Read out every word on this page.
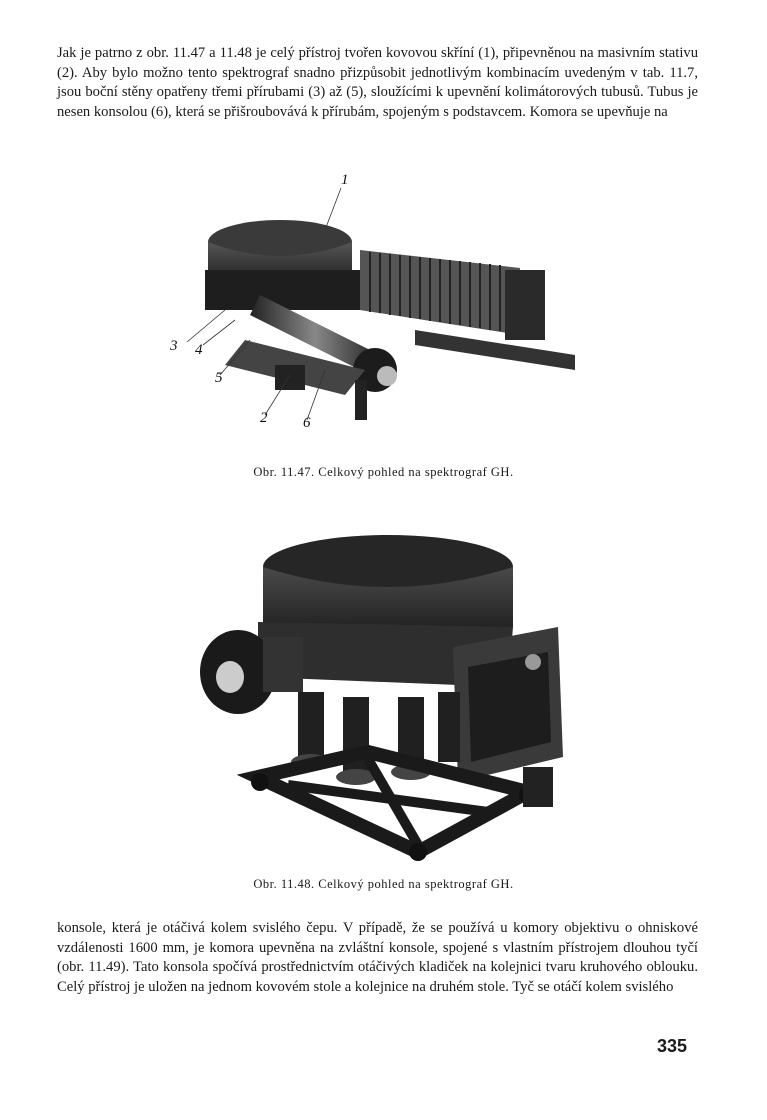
Jak je patrno z obr. 11.47 a 11.48 je celý přístroj tvořen kovovou skříní (1), připevněnou na masivním stativu (2). Aby bylo možno tento spektrograf snadno přizpůsobit jednotlivým kombinacím uvedeným v tab. 11.7, jsou boční stěny opatřeny třemi přírubami (3) až (5), sloužícími k upevnění kolimátorových tubusů. Tubus je nesen konsolou (6), která se přišroubovává k přírubám, spojeným s podstavcem. Komora se upevňuje na

1
2
3 4
5
6
Obr. 11.47. Celkový pohled na spektrograf GH.
Obr. 11.48. Celkový pohled na spektrograf GH.

konsole, která je otáčivá kolem svislého čepu. V případě, že se používá u komory objektivu o ohniskové vzdálenosti 1600 mm, je komora upevněna na zvláštní konsole, spojené s vlastním přístrojem dlouhou tyčí (obr. 11.49). Tato konsola spočívá prostřednictvím otáčivých kladiček na kolejnici tvaru kruhového oblouku. Celý přístroj je uložen na jednom kovovém stole a kolejnice na druhém stole. Tyč se otáčí kolem svislého

335
